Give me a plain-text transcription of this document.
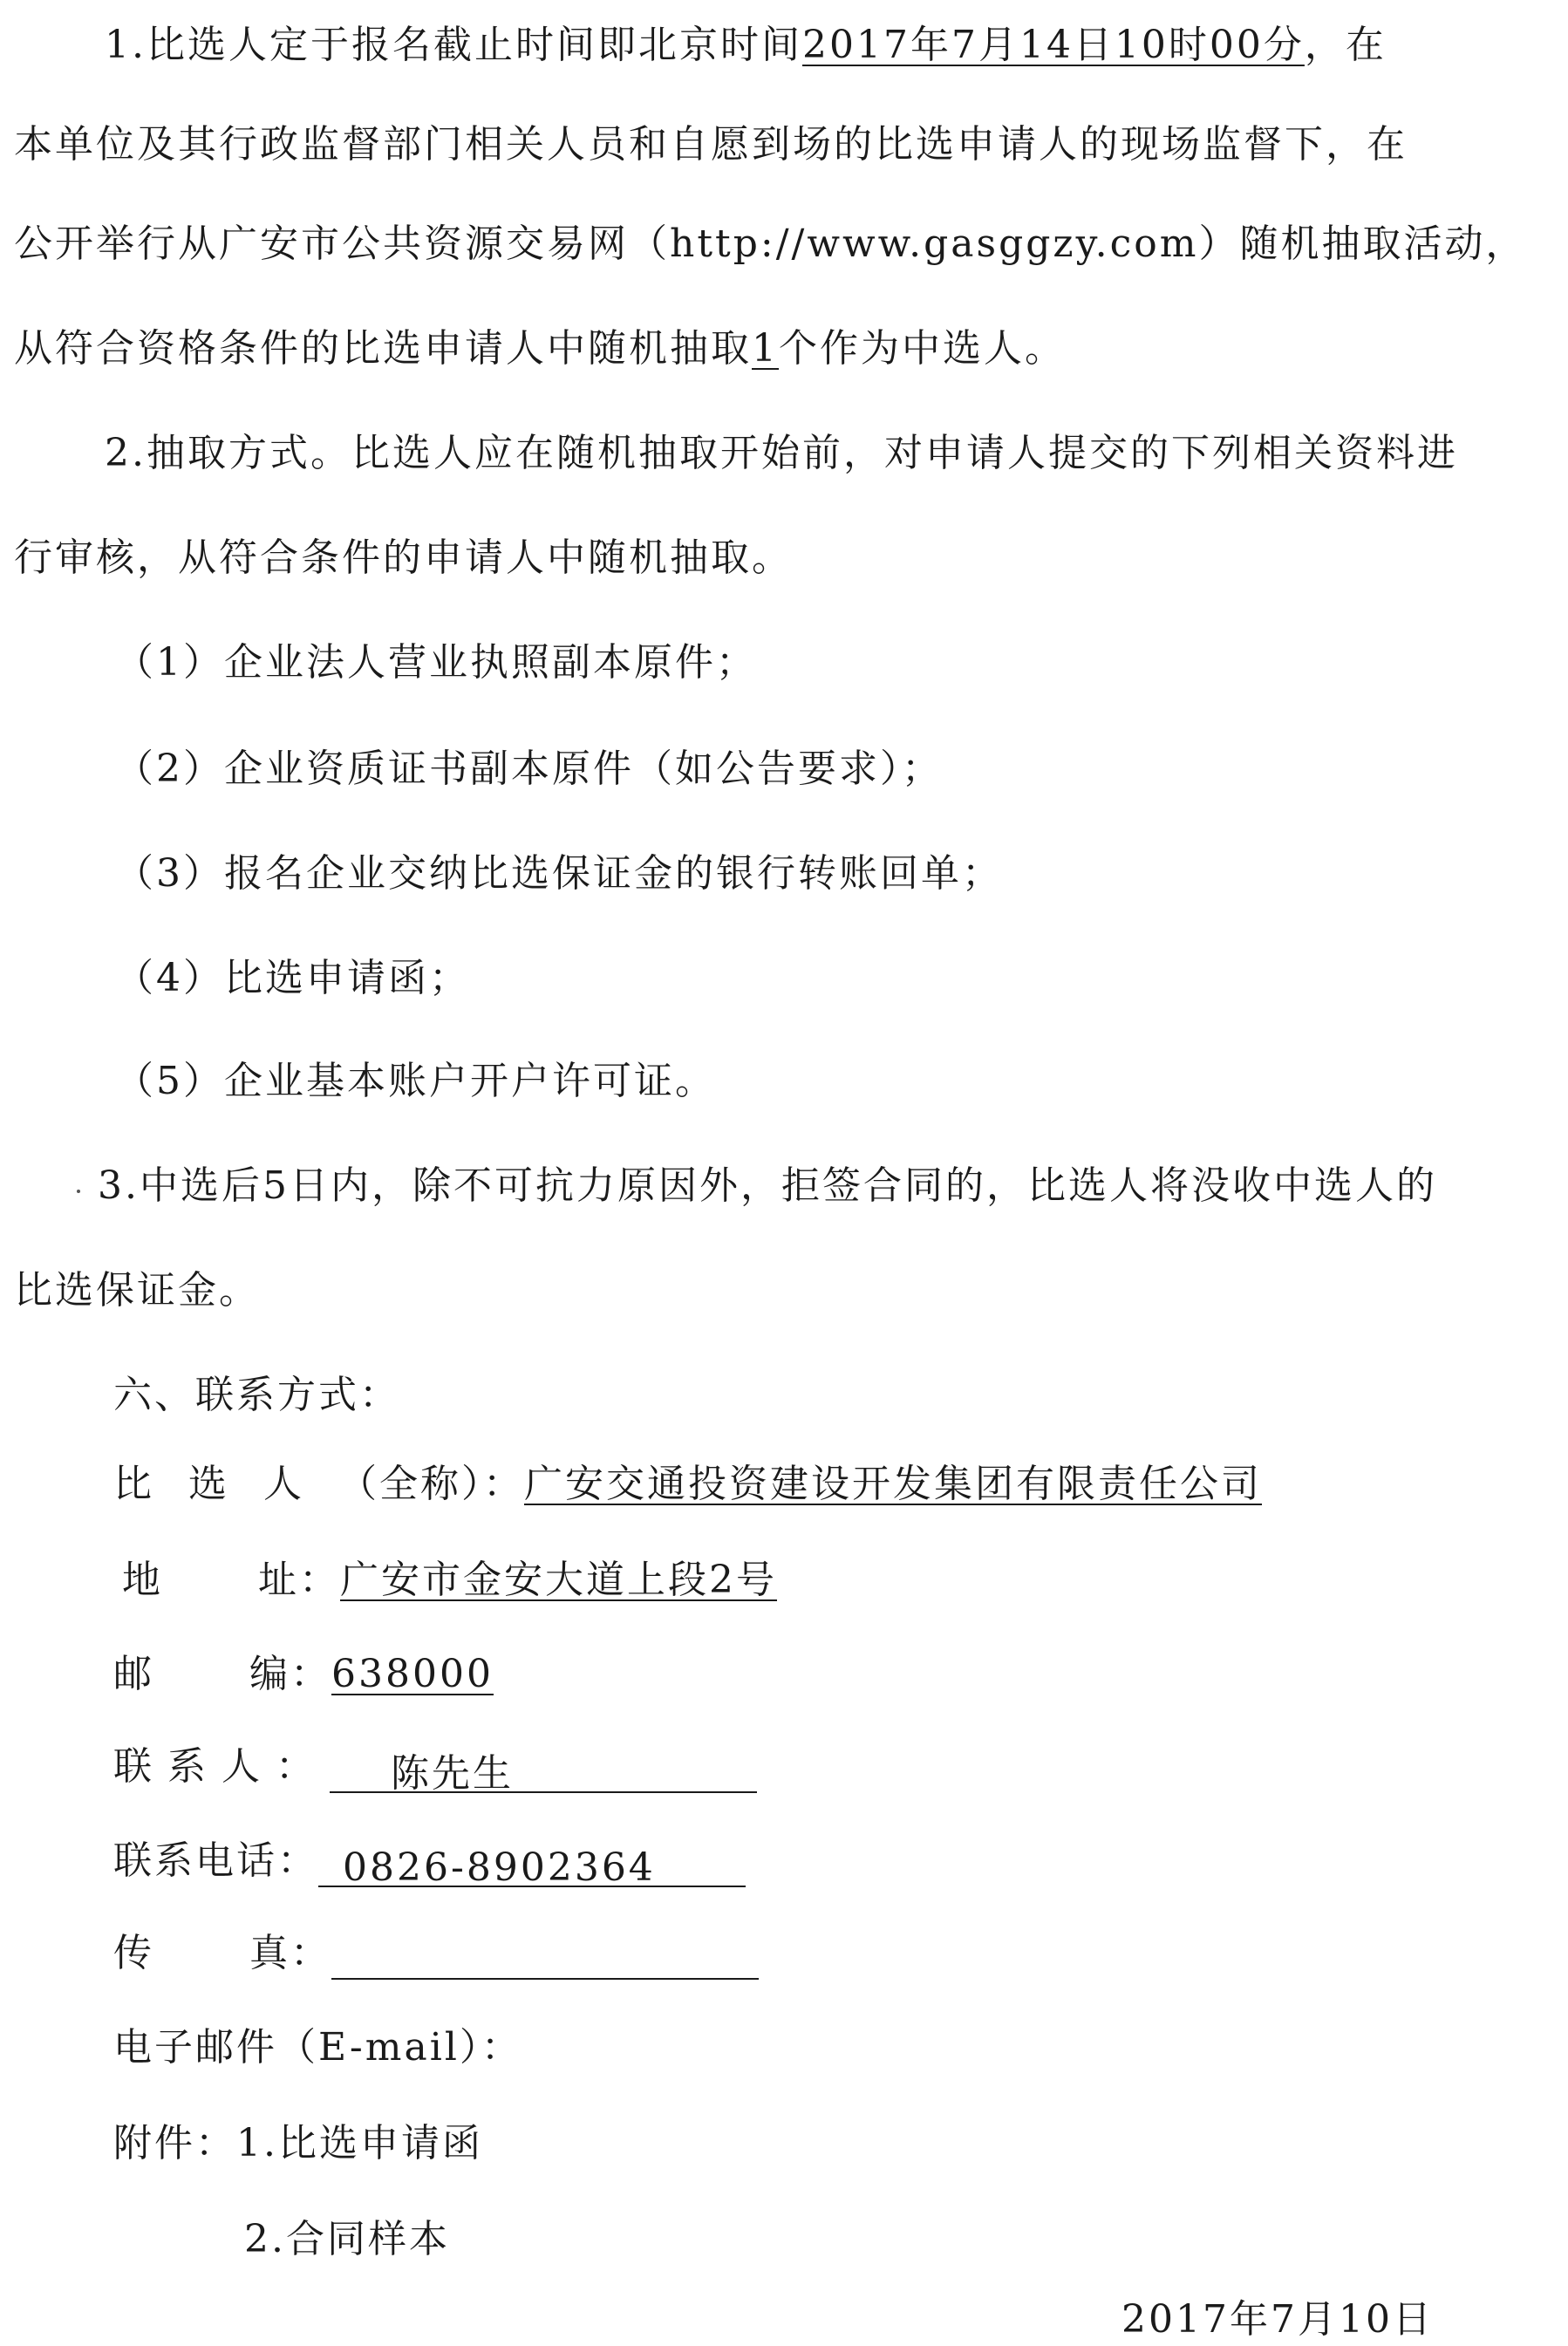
1.比选人定于报名截止时间即北京时间2017年7月14日10时00分，在
本单位及其行政监督部门相关人员和自愿到场的比选申请人的现场监督下，在
公开举行从广安市公共资源交易网（http://www.gasggzy.com）随机抽取活动，
从符合资格条件的比选申请人中随机抽取1个作为中选人。
2.抽取方式。比选人应在随机抽取开始前，对申请人提交的下列相关资料进
行审核，从符合条件的申请人中随机抽取。
（1）企业法人营业执照副本原件；
（2）企业资质证书副本原件（如公告要求）；
（3）报名企业交纳比选保证金的银行转账回单；
（4）比选申请函；
（5）企业基本账户开户许可证。
3.中选后5日内，除不可抗力原因外，拒签合同的，比选人将没收中选人的
比选保证金。
六、联系方式：
比选人（全称）：广安交通投资建设开发集团有限责任公司
地址：广安市金安大道上段2号
邮编：638000
联系人： 陈先生
联系电话： 0826-8902364
传真：
电子邮件（E-mail）：
附件：1.比选申请函
2.合同样本
2017年7月10日
